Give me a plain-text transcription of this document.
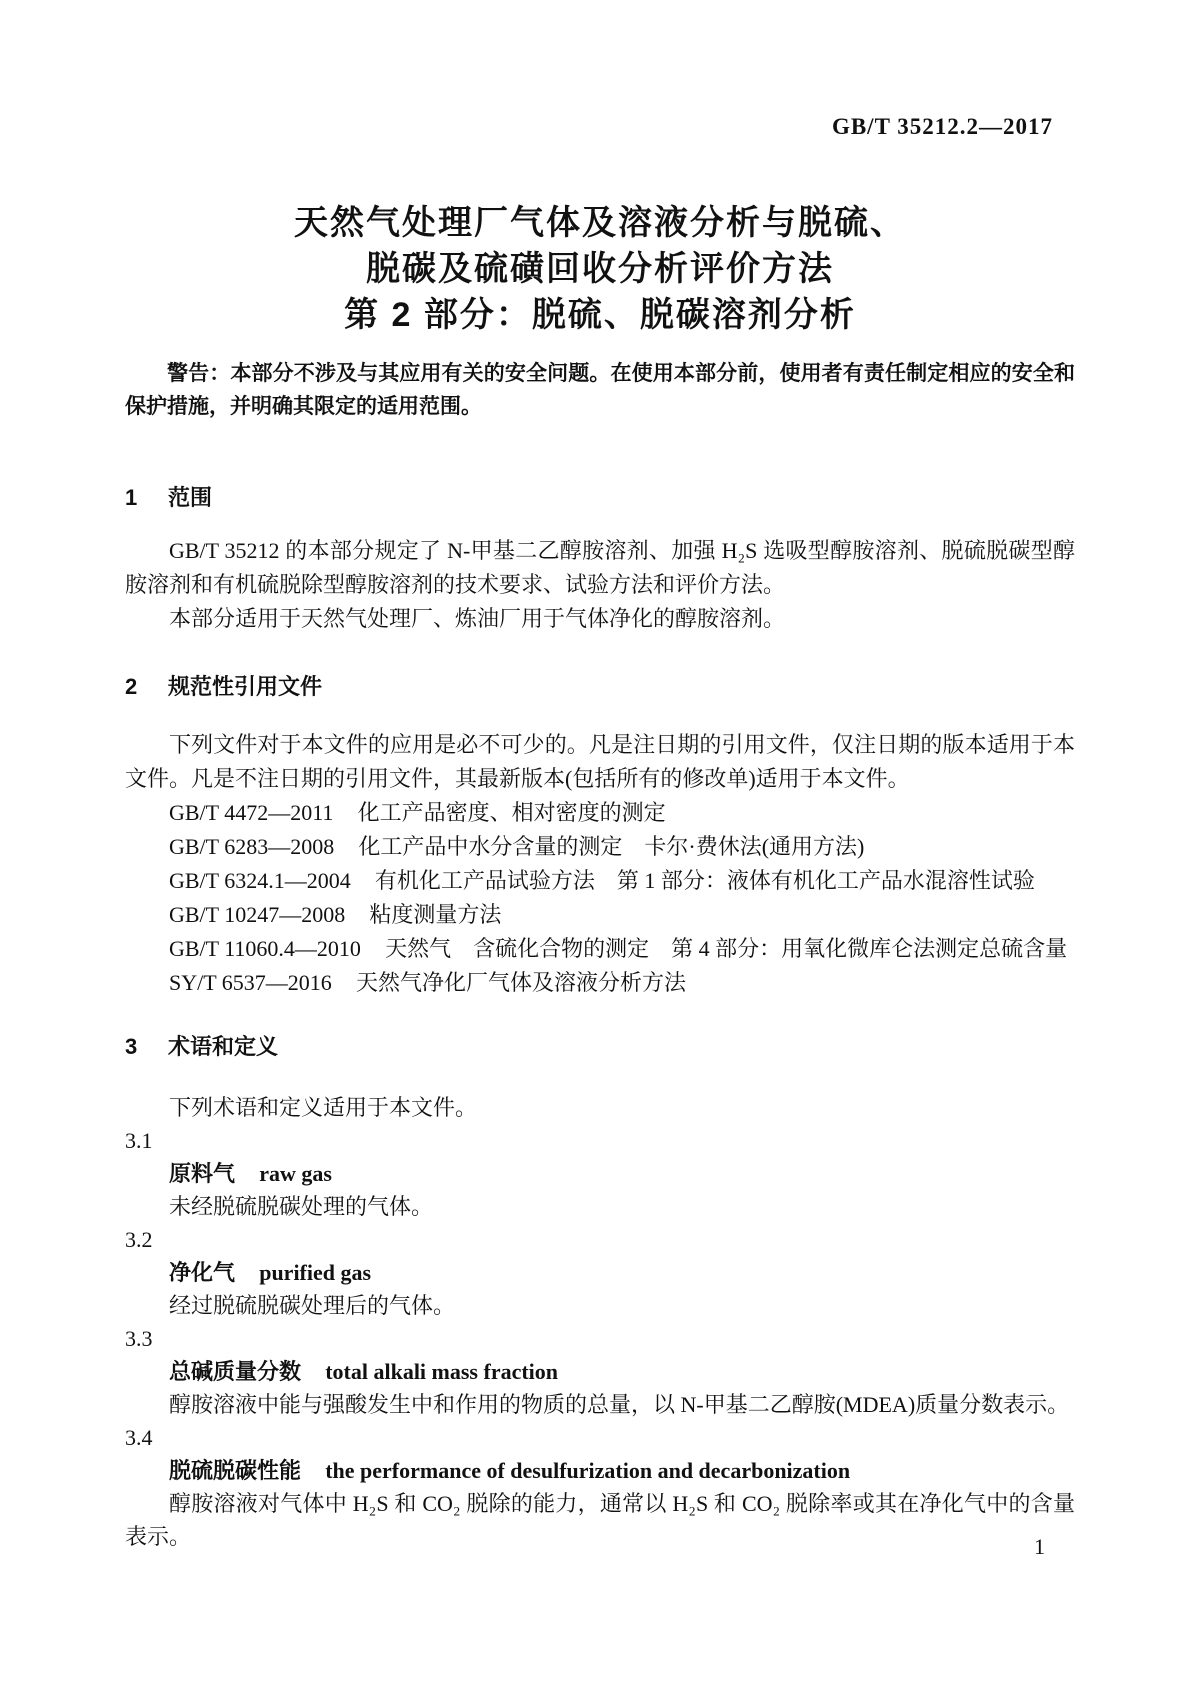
GB/T 35212.2—2017
天然气处理厂气体及溶液分析与脱硫、
脱碳及硫磺回收分析评价方法
第 2 部分：脱硫、脱碳溶剂分析

警告：本部分不涉及与其应用有关的安全问题。在使用本部分前，使用者有责任制定相应的安全和保护措施，并明确其限定的适用范围。

1 范围

GB/T 35212 的本部分规定了 N-甲基二乙醇胺溶剂、加强 H₂S 选吸型醇胺溶剂、脱硫脱碳型醇胺溶剂和有机硫脱除型醇胺溶剂的技术要求、试验方法和评价方法。

本部分适用于天然气处理厂、炼油厂用于气体净化的醇胺溶剂。

2 规范性引用文件

下列文件对于本文件的应用是必不可少的。凡是注日期的引用文件，仅注日期的版本适用于本文件。凡是不注日期的引用文件，其最新版本(包括所有的修改单)适用于本文件。

GB/T 4472—2011 化工产品密度、相对密度的测定
GB/T 6283—2008 化工产品中水分含量的测定　卡尔·费休法(通用方法)
GB/T 6324.1—2004 有机化工产品试验方法　第 1 部分：液体有机化工产品水混溶性试验
GB/T 10247—2008 粘度测量方法
GB/T 11060.4—2010 天然气　含硫化合物的测定　第 4 部分：用氧化微库仑法测定总硫含量
SY/T 6537—2016 天然气净化厂气体及溶液分析方法
3 术语和定义

下列术语和定义适用于本文件。

3.1
原料气 raw gas

未经脱硫脱碳处理的气体。

3.2
净化气 purified gas

经过脱硫脱碳处理后的气体。

3.3
总碱质量分数 total alkali mass fraction

醇胺溶液中能与强酸发生中和作用的物质的总量，以 N-甲基二乙醇胺(MDEA)质量分数表示。

3.4
脱硫脱碳性能 the performance of desulfurization and decarbonization

醇胺溶液对气体中 H₂S 和 CO₂ 脱除的能力，通常以 H₂S 和 CO₂ 脱除率或其在净化气中的含量表示。	1
